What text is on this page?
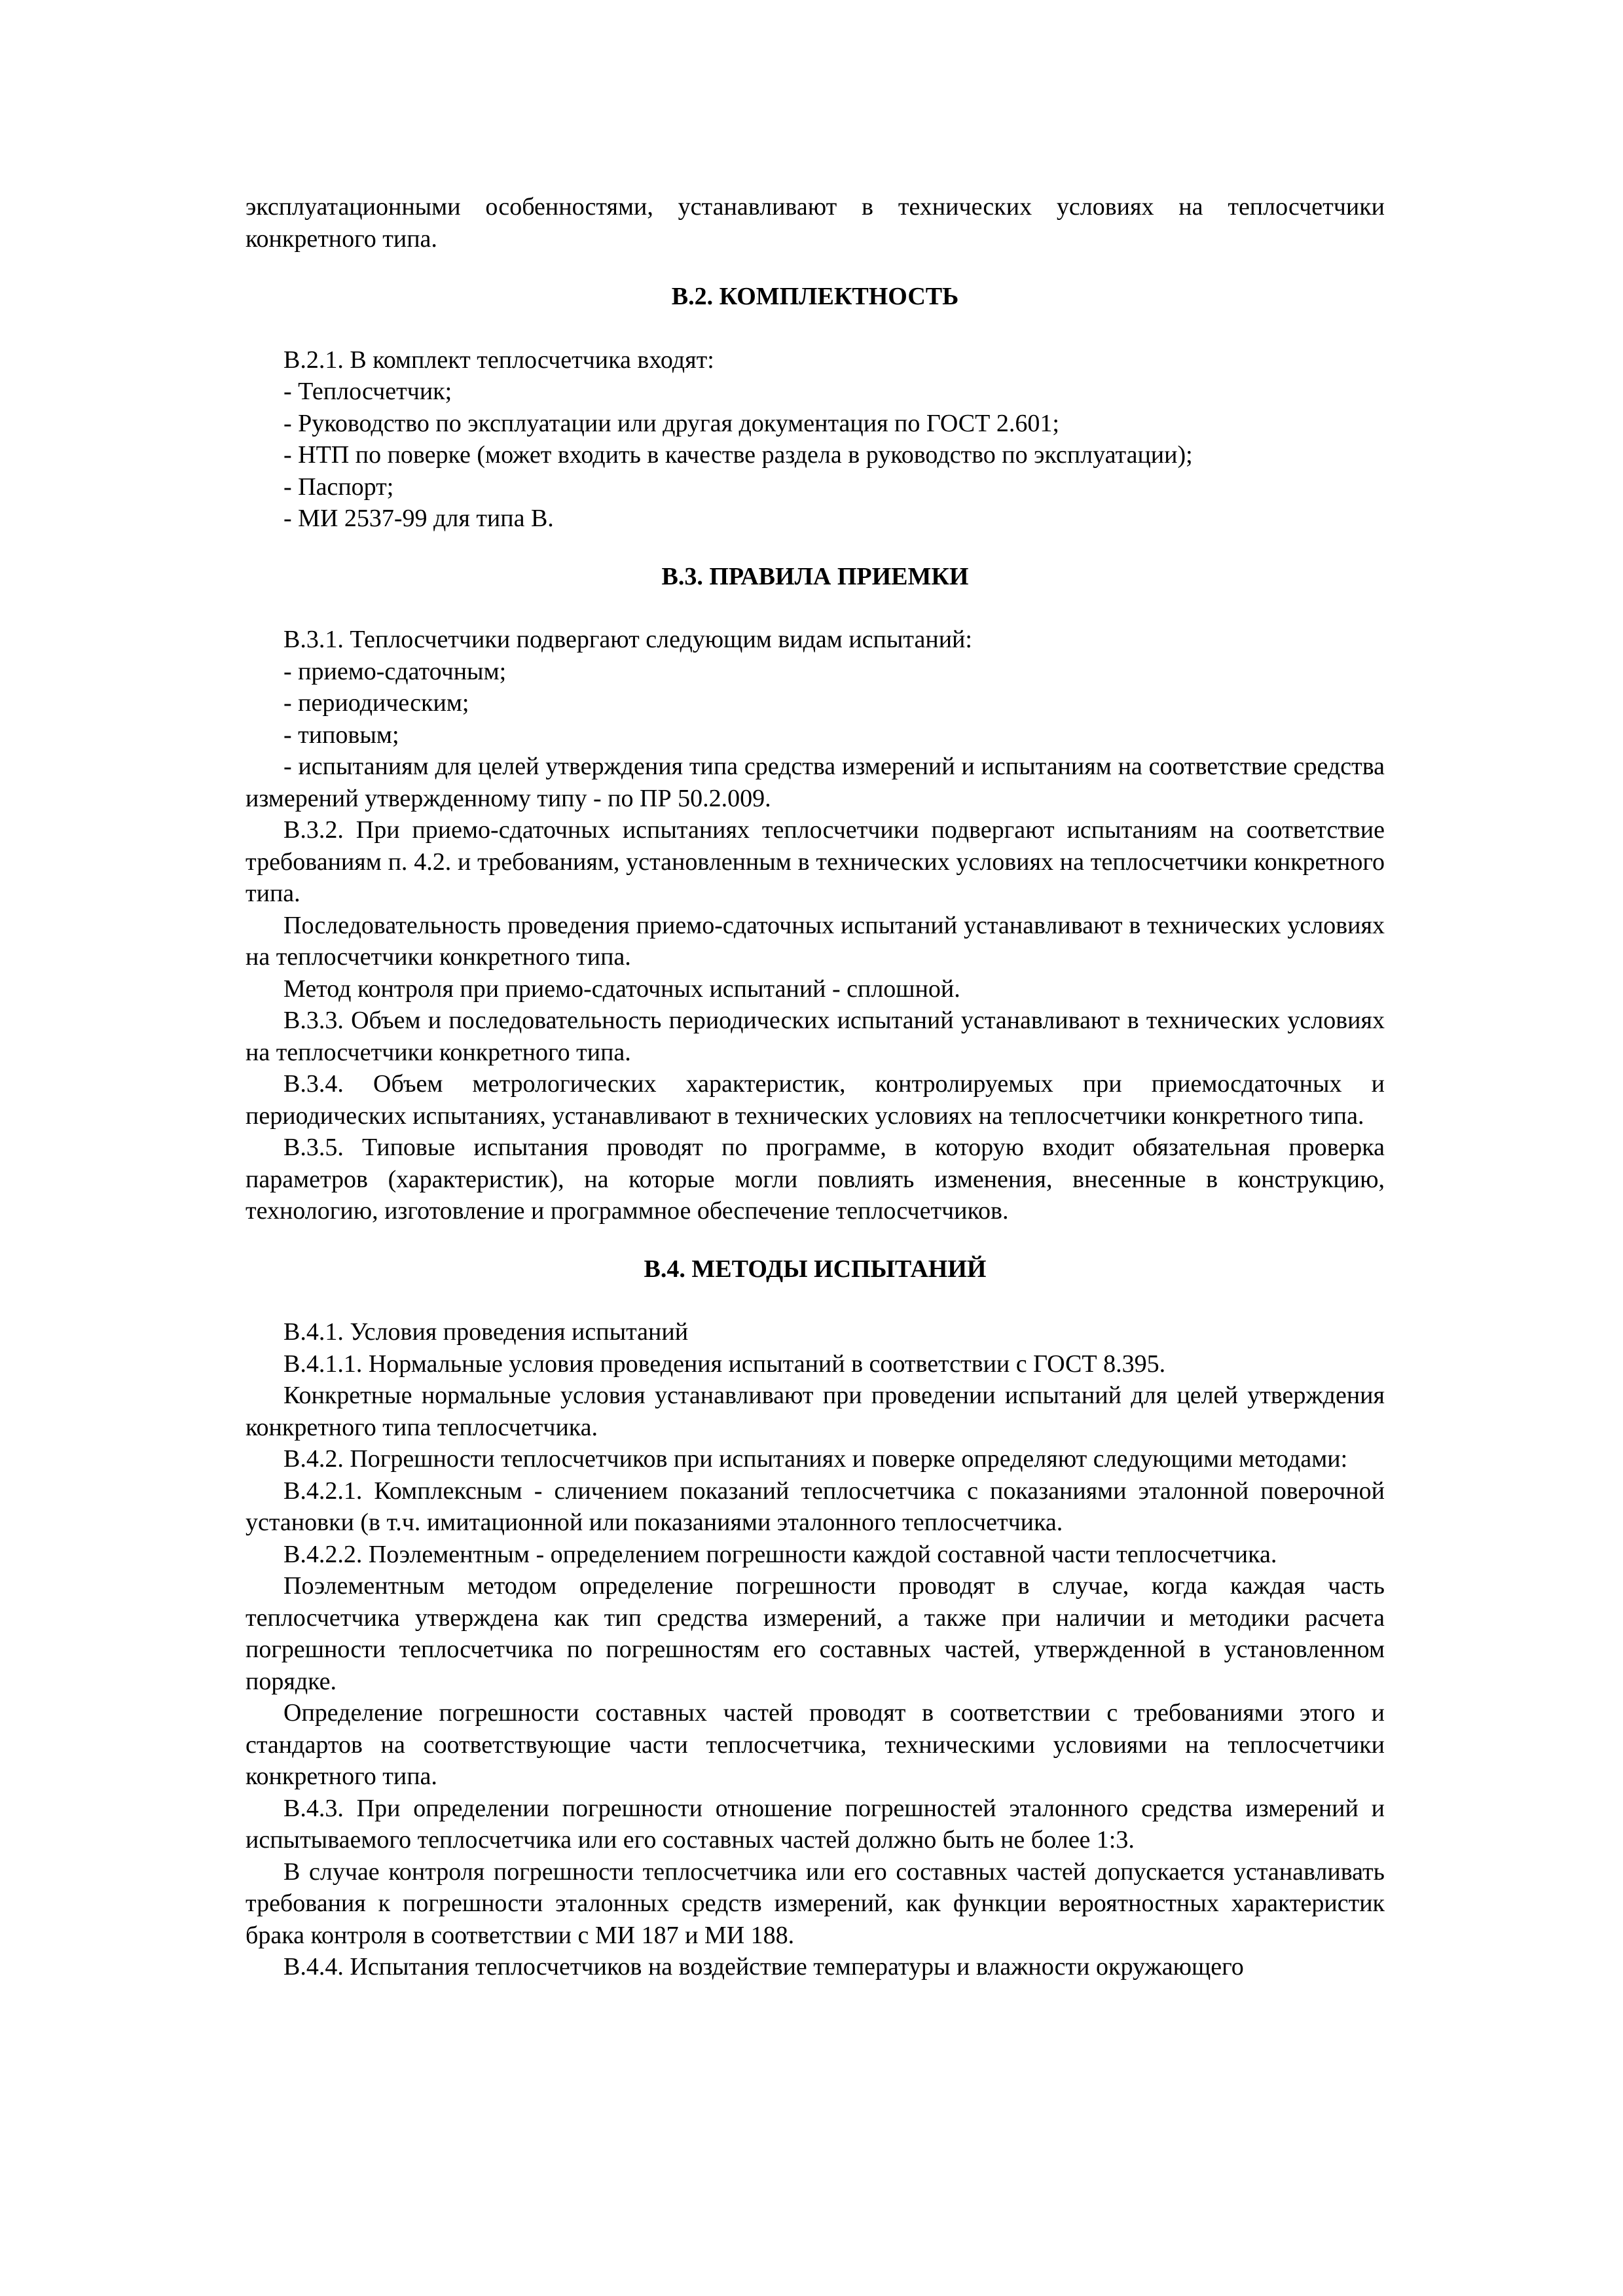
эксплуатационными особенностями, устанавливают в технических условиях на теплосчетчики конкретного типа.

В.2. КОМПЛЕКТНОСТЬ

В.2.1. В комплект теплосчетчика входят:

- Теплосчетчик;

- Руководство по эксплуатации или другая документация по ГОСТ 2.601;

- НТП по поверке (может входить в качестве раздела в руководство по эксплуатации);

- Паспорт;

- МИ 2537-99 для типа В.

В.3. ПРАВИЛА ПРИЕМКИ

В.3.1. Теплосчетчики подвергают следующим видам испытаний:

- приемо-сдаточным;

- периодическим;

- типовым;

- испытаниям для целей утверждения типа средства измерений и испытаниям на соответствие средства измерений утвержденному типу - по ПР 50.2.009.

В.3.2. При приемо-сдаточных испытаниях теплосчетчики подвергают испытаниям на соответствие требованиям п. 4.2. и требованиям, установленным в технических условиях на теплосчетчики конкретного типа.

Последовательность проведения приемо-сдаточных испытаний устанавливают в технических условиях на теплосчетчики конкретного типа.

Метод контроля при приемо-сдаточных испытаний - сплошной.

В.3.3. Объем и последовательность периодических испытаний устанавливают в технических условиях на теплосчетчики конкретного типа.

В.3.4. Объем метрологических характеристик, контролируемых при приемосдаточных и периодических испытаниях, устанавливают в технических условиях на теплосчетчики конкретного типа.

В.3.5. Типовые испытания проводят по программе, в которую входит обязательная проверка параметров (характеристик), на которые могли повлиять изменения, внесенные в конструкцию, технологию, изготовление и программное обеспечение теплосчетчиков.

В.4. МЕТОДЫ ИСПЫТАНИЙ

В.4.1. Условия проведения испытаний

В.4.1.1. Нормальные условия проведения испытаний в соответствии с ГОСТ 8.395.

Конкретные нормальные условия устанавливают при проведении испытаний для целей утверждения конкретного типа теплосчетчика.

В.4.2. Погрешности теплосчетчиков при испытаниях и поверке определяют следующими методами:

В.4.2.1. Комплексным - сличением показаний теплосчетчика с показаниями эталонной поверочной установки (в т.ч. имитационной или показаниями эталонного теплосчетчика.

В.4.2.2. Поэлементным - определением погрешности каждой составной части теплосчетчика.

Поэлементным методом определение погрешности проводят в случае, когда каждая часть теплосчетчика утверждена как тип средства измерений, а также при наличии и методики расчета погрешности теплосчетчика по погрешностям его составных частей, утвержденной в установленном порядке.

Определение погрешности составных частей проводят в соответствии с требованиями этого и стандартов на соответствующие части теплосчетчика, техническими условиями на теплосчетчики конкретного типа.

В.4.3. При определении погрешности отношение погрешностей эталонного средства измерений и испытываемого теплосчетчика или его составных частей должно быть не более 1:3.

В случае контроля погрешности теплосчетчика или его составных частей допускается устанавливать требования к погрешности эталонных средств измерений, как функции вероятностных характеристик брака контроля в соответствии с МИ 187 и МИ 188.

В.4.4. Испытания теплосчетчиков на воздействие температуры и влажности окружающего
